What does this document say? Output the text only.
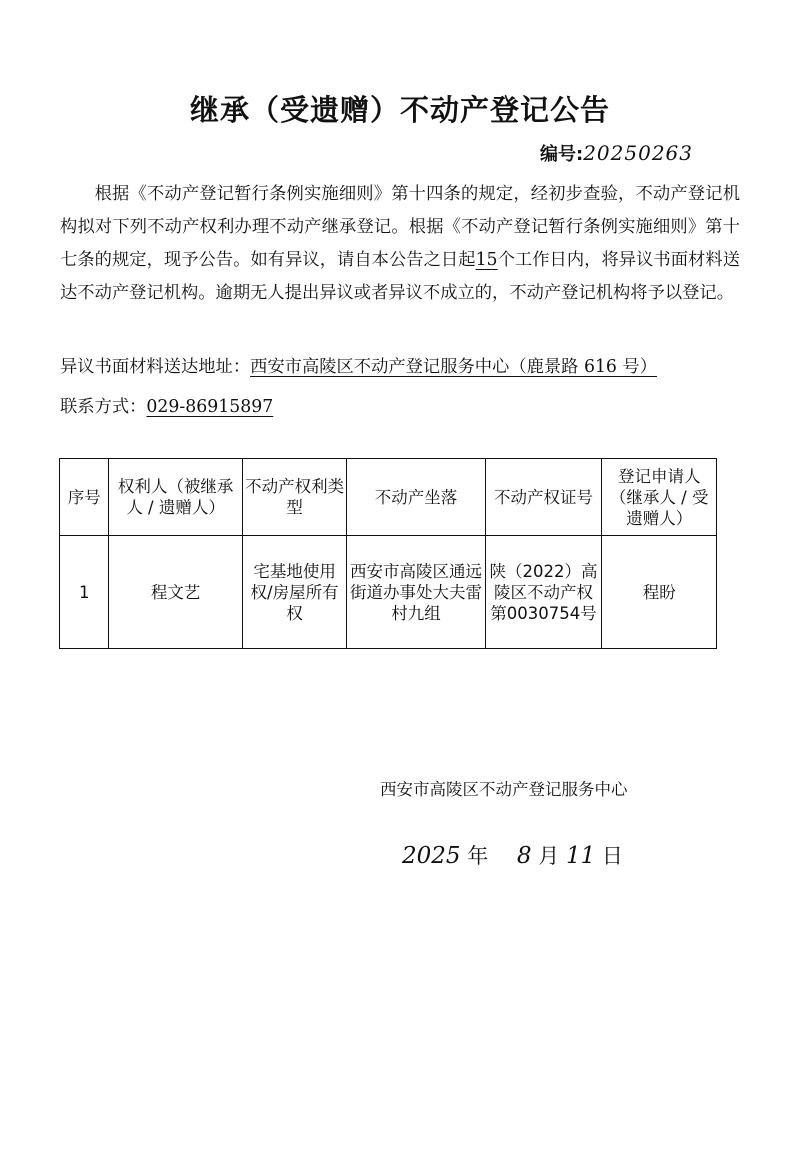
继承（受遗赠）不动产登记公告
编号:20250263
根据《不动产登记暂行条例实施细则》第十四条的规定，经初步查验，不动产登记机构拟对下列不动产权利办理不动产继承登记。根据《不动产登记暂行条例实施细则》第十七条的规定，现予公告。如有异议，请自本公告之日起15个工作日内，将异议书面材料送达不动产登记机构。逾期无人提出异议或者异议不成立的，不动产登记机构将予以登记。
异议书面材料送达地址：西安市高陵区不动产登记服务中心（鹿景路 616 号）
联系方式：029-86915897
序号	权利人（被继承人 / 遗赠人）	不动产权利类型	不动产坐落	不动产权证号	登记申请人（继承人 / 受遗赠人）
1	程文艺	宅基地使用权/房屋所有权	西安市高陵区通远街道办事处大夫雷村九组	陕（2022）高陵区不动产权第0030754号	程盼
西安市高陵区不动产登记服务中心
2025 年 8 月 11 日
